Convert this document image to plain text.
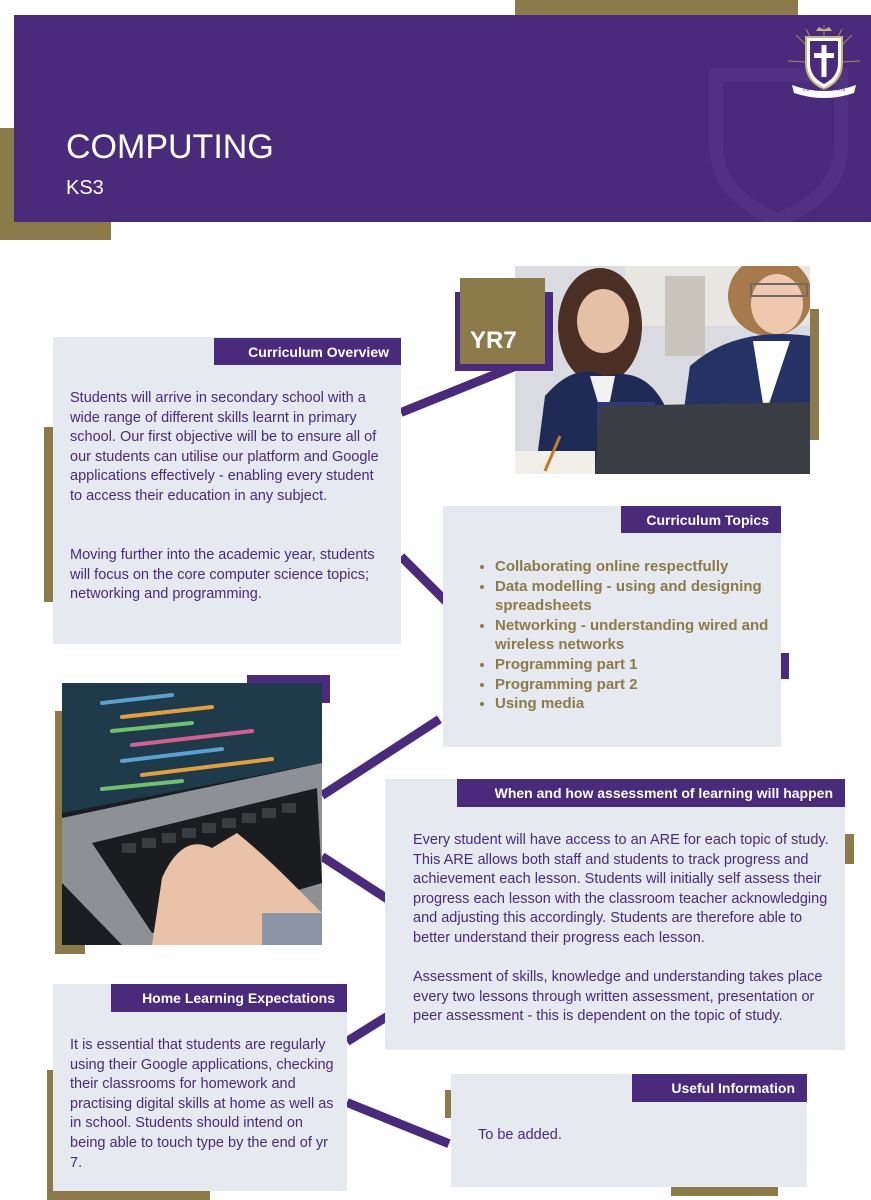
COMPUTING
KS3
VIA · VERITAS · VITA
Students will arrive in secondary school with a wide range of different skills learnt in primary school. Our first objective will be to ensure all of our students can utilise our platform and Google applications effectively - enabling every student to access their education in any subject.
Moving further into the academic year, students will focus on the core computer science topics; networking and programming.
Curriculum Overview	YR7
• Collaborating online respectfully
• Data modelling - using and designing spreadsheets
• Networking - understanding wired and wireless networks
• Programming part 1
• Programming part 2
• Using media
Curriculum Topics
Every student will have access to an ARE for each topic of study. This ARE allows both staff and students to track progress and achievement each lesson. Students will initially self assess their progress each lesson with the classroom teacher acknowledging and adjusting this accordingly. Students are therefore able to better understand their progress each lesson.
Assessment of skills, knowledge and understanding takes place every two lessons through written assessment, presentation or peer assessment - this is dependent on the topic of study.
When and how assessment of learning will happen
It is essential that students are regularly using their Google applications, checking their classrooms for homework and practising digital skills at home as well as in school. Students should intend on being able to touch type by the end of yr 7.
Home Learning Expectations
To be added.
Useful Information
